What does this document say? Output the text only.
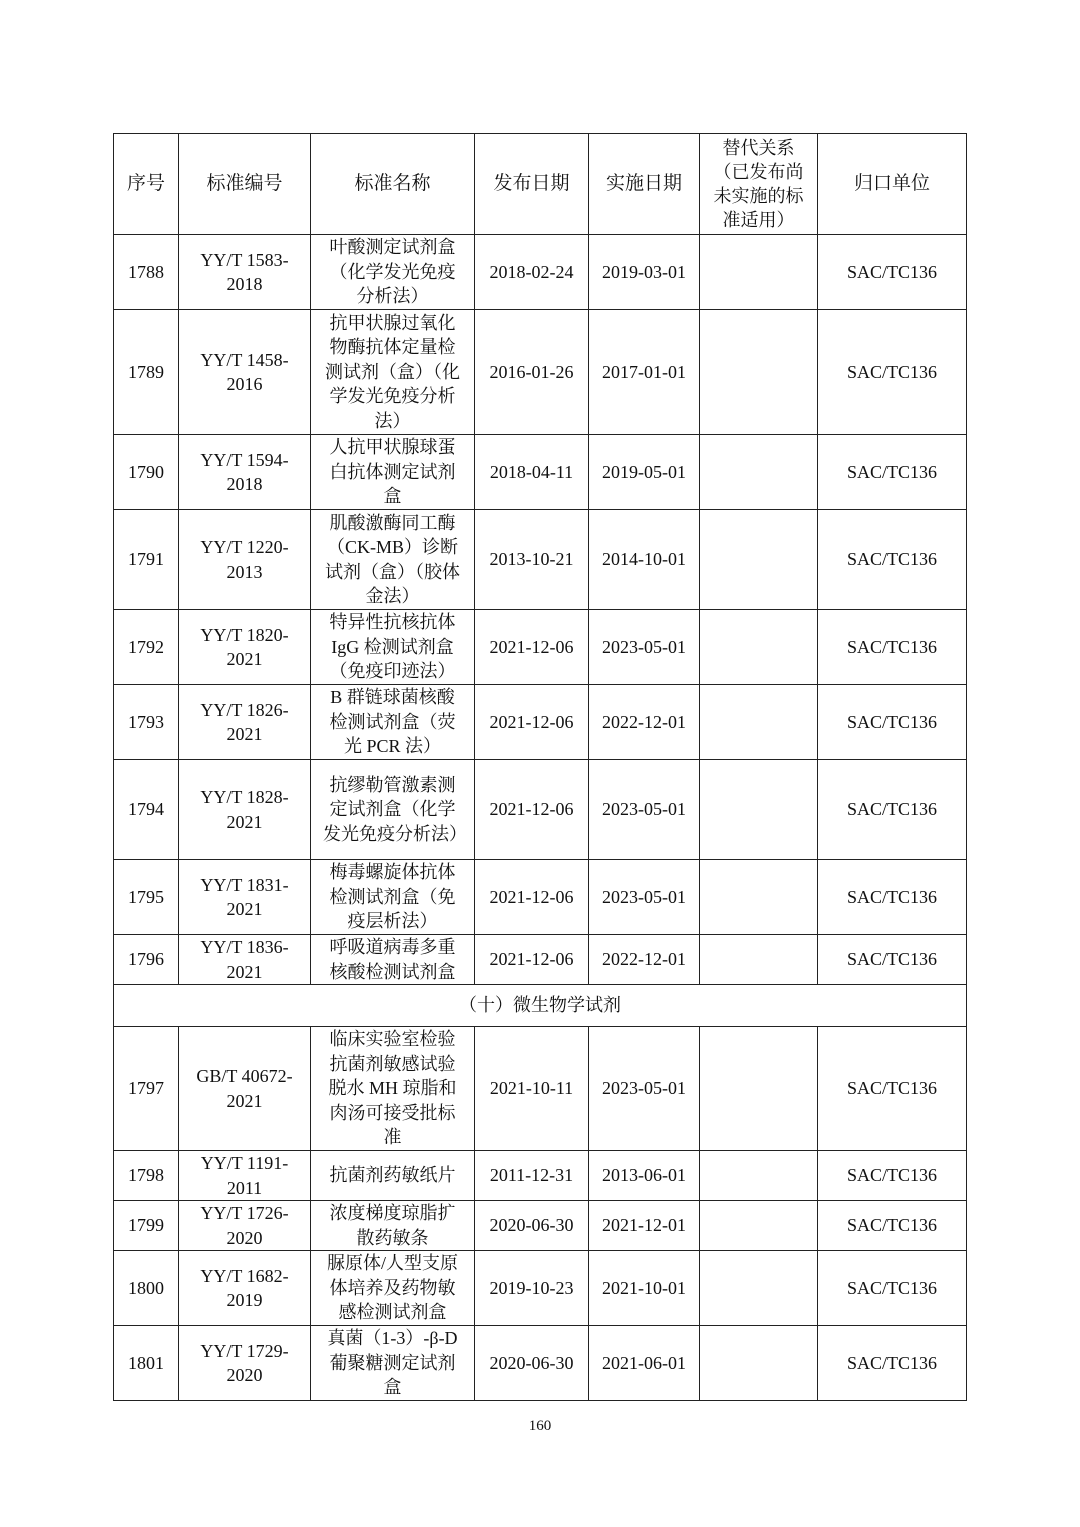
序号	标准编号	标准名称	发布日期	实施日期	替代关系（已发布尚未实施的标准适用）	归口单位
1788	YY/T 1583-2018	叶酸测定试剂盒（化学发光免疫分析法）	2018-02-24	2019-03-01		SAC/TC136
1789	YY/T 1458-2016	抗甲状腺过氧化物酶抗体定量检测试剂（盒）（化学发光免疫分析法）	2016-01-26	2017-01-01		SAC/TC136
1790	YY/T 1594-2018	人抗甲状腺球蛋白抗体测定试剂盒	2018-04-11	2019-05-01		SAC/TC136
1791	YY/T 1220-2013	肌酸激酶同工酶（CK-MB）诊断试剂（盒）（胶体金法）	2013-10-21	2014-10-01		SAC/TC136
1792	YY/T 1820-2021	特异性抗核抗体IgG 检测试剂盒（免疫印迹法）	2021-12-06	2023-05-01		SAC/TC136
1793	YY/T 1826-2021	B 群链球菌核酸检测试剂盒（荧光 PCR 法）	2021-12-06	2022-12-01		SAC/TC136
1794	YY/T 1828-2021	抗缪勒管激素测定试剂盒（化学发光免疫分析法）	2021-12-06	2023-05-01		SAC/TC136
1795	YY/T 1831-2021	梅毒螺旋体抗体检测试剂盒（免疫层析法）	2021-12-06	2023-05-01		SAC/TC136
1796	YY/T 1836-2021	呼吸道病毒多重核酸检测试剂盒	2021-12-06	2022-12-01		SAC/TC136
（十）微生物学试剂						
1797	GB/T 40672-2021	临床实验室检验抗菌剂敏感试验脱水 MH 琼脂和肉汤可接受批标准	2021-10-11	2023-05-01		SAC/TC136
1798	YY/T 1191-2011	抗菌剂药敏纸片	2011-12-31	2013-06-01		SAC/TC136
1799	YY/T 1726-2020	浓度梯度琼脂扩散药敏条	2020-06-30	2021-12-01		SAC/TC136
1800	YY/T 1682-2019	脲原体/人型支原体培养及药物敏感检测试剂盒	2019-10-23	2021-10-01		SAC/TC136
1801	YY/T 1729-2020	真菌（1-3）-β-D 葡聚糖测定试剂盒	2020-06-30	2021-06-01		SAC/TC136
160
